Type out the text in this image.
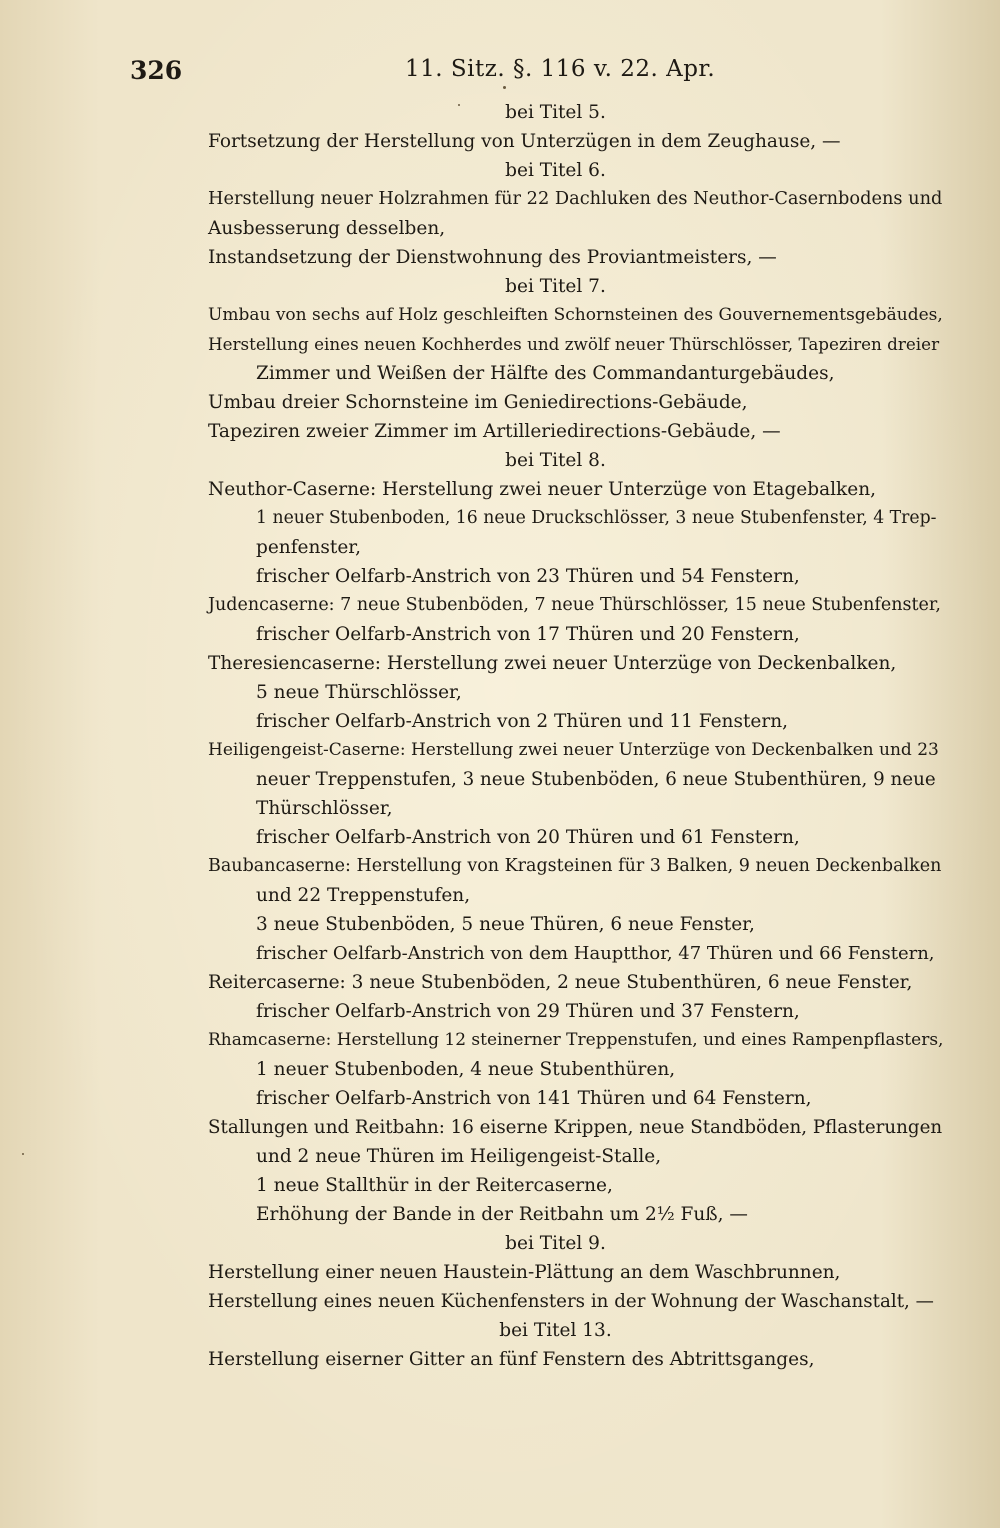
326	11. Sitz. §. 116 v. 22. Apr.
bei Titel 5.
Fortsetzung der Herstellung von Unterzügen in dem Zeughause, —
bei Titel 6.
Herstellung neuer Holzrahmen für 22 Dachluken des Neuthor-Casernbodens und
Ausbesserung desselben,
Instandsetzung der Dienstwohnung des Proviantmeisters, —
bei Titel 7.
Umbau von sechs auf Holz geschleiften Schornsteinen des Gouvernementsgebäudes,
Herstellung eines neuen Kochherdes und zwölf neuer Thürschlösser, Tapeziren dreier
Zimmer und Weißen der Hälfte des Commandanturgebäudes,
Umbau dreier Schornsteine im Geniedirections-Gebäude,
Tapeziren zweier Zimmer im Artilleriedirections-Gebäude, —
bei Titel 8.
Neuthor-Caserne: Herstellung zwei neuer Unterzüge von Etagebalken,
1 neuer Stubenboden, 16 neue Druckschlösser, 3 neue Stubenfenster, 4 Trep-
penfenster,
frischer Oelfarb-Anstrich von 23 Thüren und 54 Fenstern,
Judencaserne: 7 neue Stubenböden, 7 neue Thürschlösser, 15 neue Stubenfenster,
frischer Oelfarb-Anstrich von 17 Thüren und 20 Fenstern,
Theresiencaserne: Herstellung zwei neuer Unterzüge von Deckenbalken,
5 neue Thürschlösser,
frischer Oelfarb-Anstrich von 2 Thüren und 11 Fenstern,
Heiligengeist-Caserne: Herstellung zwei neuer Unterzüge von Deckenbalken und 23
neuer Treppenstufen, 3 neue Stubenböden, 6 neue Stubenthüren, 9 neue
Thürschlösser,
frischer Oelfarb-Anstrich von 20 Thüren und 61 Fenstern,
Baubancaserne: Herstellung von Kragsteinen für 3 Balken, 9 neuen Deckenbalken
und 22 Treppenstufen,
3 neue Stubenböden, 5 neue Thüren, 6 neue Fenster,
frischer Oelfarb-Anstrich von dem Hauptthor, 47 Thüren und 66 Fenstern,
Reitercaserne: 3 neue Stubenböden, 2 neue Stubenthüren, 6 neue Fenster,
frischer Oelfarb-Anstrich von 29 Thüren und 37 Fenstern,
Rhamcaserne: Herstellung 12 steinerner Treppenstufen, und eines Rampenpflasters,
1 neuer Stubenboden, 4 neue Stubenthüren,
frischer Oelfarb-Anstrich von 141 Thüren und 64 Fenstern,
Stallungen und Reitbahn: 16 eiserne Krippen, neue Standböden, Pflasterungen
und 2 neue Thüren im Heiligengeist-Stalle,
1 neue Stallthür in der Reitercaserne,
Erhöhung der Bande in der Reitbahn um 2½ Fuß, —
bei Titel 9.
Herstellung einer neuen Haustein-Plättung an dem Waschbrunnen,
Herstellung eines neuen Küchenfensters in der Wohnung der Waschanstalt, —
bei Titel 13.
Herstellung eiserner Gitter an fünf Fenstern des Abtrittsganges,
